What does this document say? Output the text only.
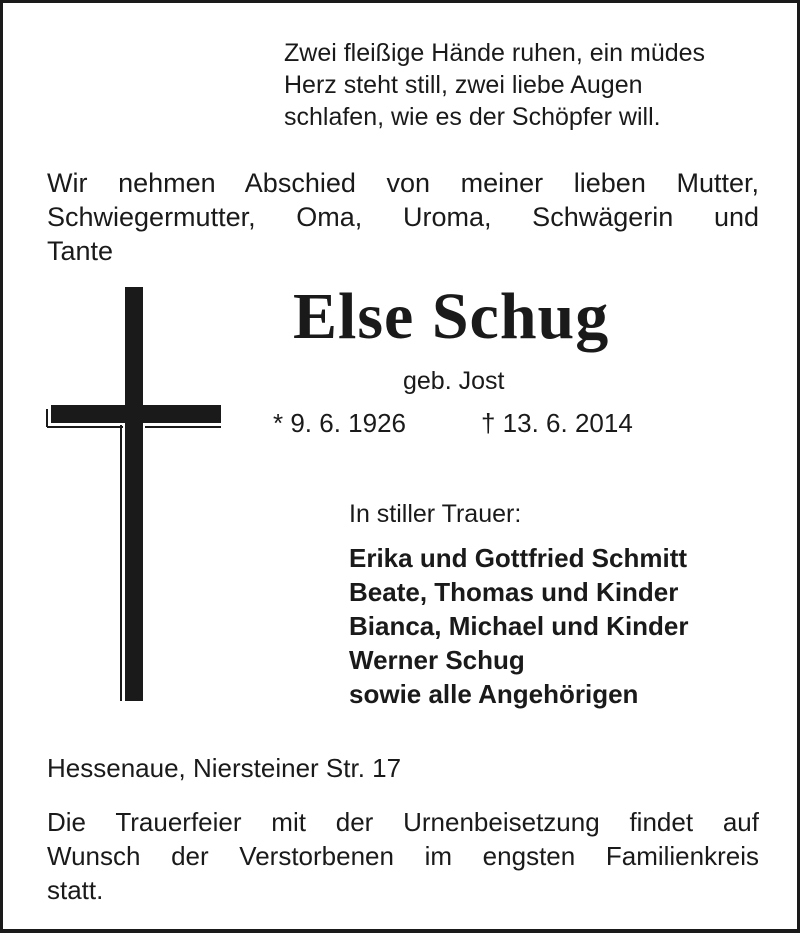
Zwei fleißige Hände ruhen, ein müdes
Herz steht still, zwei liebe Augen
schlafen, wie es der Schöpfer will.
Wir nehmen Abschied von meiner lieben Mutter,
Schwiegermutter, Oma, Uroma, Schwägerin und
Tante
Else Schug
geb. Jost
* 9. 6. 1926	† 13. 6. 2014
In stiller Trauer:
Erika und Gottfried Schmitt
Beate, Thomas und Kinder
Bianca, Michael und Kinder
Werner Schug
sowie alle Angehörigen
Hessenaue, Niersteiner Str. 17
Die Trauerfeier mit der Urnenbeisetzung findet auf
Wunsch der Verstorbenen im engsten Familienkreis
statt.
